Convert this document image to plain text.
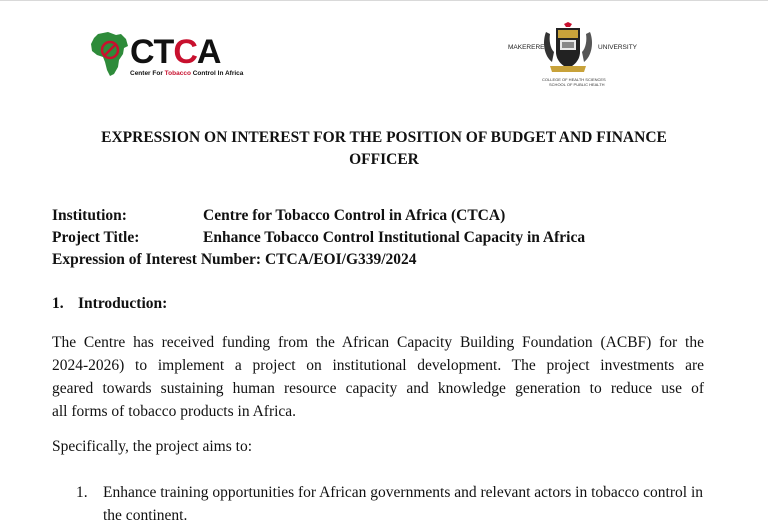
CTCA
Center For Tobacco Control In Africa
MAKERERE	UNIVERSITY
COLLEGE OF HEALTH SCIENCES
SCHOOL OF PUBLIC HEALTH
EXPRESSION ON INTEREST FOR THE POSITION OF BUDGET AND FINANCE
OFFICER
Institution:	Centre for Tobacco Control in Africa (CTCA)
Project Title:	Enhance Tobacco Control Institutional Capacity in Africa
Expression of Interest Number: CTCA/EOI/G339/2024
1. Introduction:
The Centre has received funding from the African Capacity Building Foundation (ACBF) for the
2024-2026) to implement a project on institutional development. The project investments are
geared towards sustaining human resource capacity and knowledge generation to reduce use of
all forms of tobacco products in Africa.
Specifically, the project aims to:
1. Enhance training opportunities for African governments and relevant actors in tobacco control in the continent.
